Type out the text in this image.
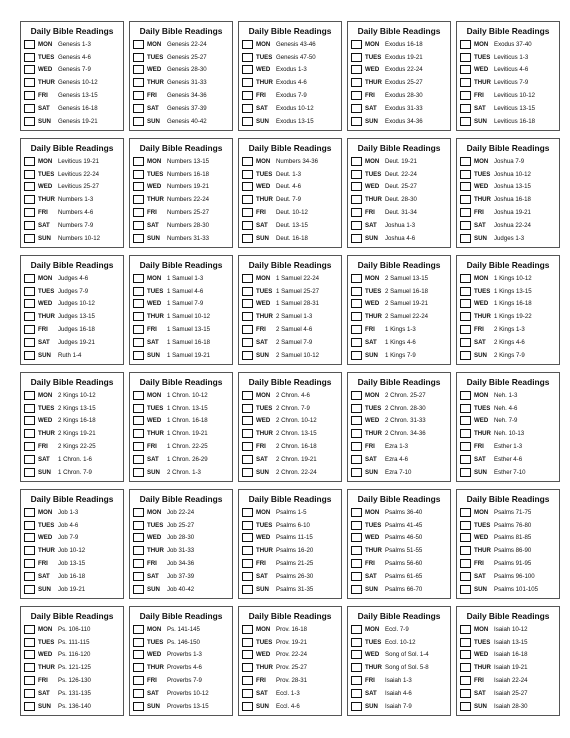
Daily Bible Readings
MON Genesis 1-3
TUES Genesis 4-6
WED Genesis 7-9
THUR Genesis 10-12
FRI	Genesis 13-15
SAT	Genesis 16-18
SUN	Genesis 19-21
Daily Bible Readings
MON Genesis 22-24
TUES Genesis 25-27
WED Genesis 28-30
THUR Genesis 31-33
FRI	Genesis 34-36
SAT	Genesis 37-39
SUN	Genesis 40-42
Daily Bible Readings
MON Genesis 43-46
TUES Genesis 47-50
WED Exodus 1-3
THUR Exodus 4-6
FRI	Exodus 7-9
SAT	Exodus 10-12
SUN	Exodus 13-15
Daily Bible Readings
MON Exodus 16-18
TUES Exodus 19-21
WED Exodus 22-24
THUR Exodus 25-27
FRI	Exodus 28-30
SAT	Exodus 31-33
SUN	Exodus 34-36
Daily Bible Readings
MON Exodus 37-40
TUES Leviticus 1-3
WED Leviticus 4-6
THUR Leviticus 7-9
FRI	Leviticus 10-12
SAT	Leviticus 13-15
SUN	Leviticus 16-18
Daily Bible Readings
MON Leviticus 19-21
TUES Leviticus 22-24
WED Leviticus 25-27
THUR Numbers 1-3
FRI	Numbers 4-6
SAT	Numbers 7-9
SUN	Numbers 10-12
Daily Bible Readings
MON Numbers 13-15
TUES Numbers 16-18
WED Numbers 19-21
THUR Numbers 22-24
FRI	Numbers 25-27
SAT	Numbers 28-30
SUN	Numbers 31-33
Daily Bible Readings
MON Numbers 34-36
TUES Deut. 1-3
WED Deut. 4-6
THUR Deut. 7-9
FRI	Deut. 10-12
SAT	Deut. 13-15
SUN	Deut. 16-18
Daily Bible Readings
MON Deut. 19-21
TUES Deut. 22-24
WED Deut. 25-27
THUR Deut. 28-30
FRI	Deut. 31-34
SAT	Joshua 1-3
SUN	Joshua 4-6
Daily Bible Readings
MON Joshua 7-9
TUES Joshua 10-12
WED Joshua 13-15
THUR Joshua 16-18
FRI	Joshua 19-21
SAT	Joshua 22-24
SUN	Judges 1-3
Daily Bible Readings
MON Judges 4-6
TUES Judges 7-9
WED Judges 10-12
THUR Judges 13-15
FRI	Judges 16-18
SAT	Judges 19-21
SUN	Ruth 1-4
Daily Bible Readings
MON 1 Samuel 1-3
TUES 1 Samuel 4-6
WED 1 Samuel 7-9
THUR 1 Samuel 10-12
FRI	1 Samuel 13-15
SAT	1 Samuel 16-18
SUN	1 Samuel 19-21
Daily Bible Readings
MON 1 Samuel 22-24
TUES 1 Samuel 25-27
WED 1 Samuel 28-31
THUR 2 Samuel 1-3
FRI	2 Samuel 4-6
SAT	2 Samuel 7-9
SUN	2 Samuel 10-12
Daily Bible Readings
MON 2 Samuel 13-15
TUES 2 Samuel 16-18
WED 2 Samuel 19-21
THUR 2 Samuel 22-24
FRI	1 Kings 1-3
SAT	1 Kings 4-6
SUN	1 Kings 7-9
Daily Bible Readings
MON 1 Kings 10-12
TUES 1 Kings 13-15
WED 1 Kings 16-18
THUR 1 Kings 19-22
FRI	2 Kings 1-3
SAT	2 Kings 4-6
SUN	2 Kings 7-9
Daily Bible Readings
MON 2 Kings 10-12
TUES 2 Kings 13-15
WED 2 Kings 16-18
THUR 2 Kings 19-21
FRI	2 Kings 22-25
SAT	1 Chron. 1-6
SUN	1 Chron. 7-9
Daily Bible Readings
MON 1 Chron. 10-12
TUES 1 Chron. 13-15
WED 1 Chron. 16-18
THUR 1 Chron. 19-21
FRI	1 Chron. 22-25
SAT	1 Chron. 26-29
SUN	2 Chron. 1-3
Daily Bible Readings
MON 2 Chron. 4-6
TUES 2 Chron. 7-9
WED 2 Chron. 10-12
THUR 2 Chron. 13-15
FRI	2 Chron. 16-18
SAT	2 Chron. 19-21
SUN	2 Chron. 22-24
Daily Bible Readings
MON 2 Chron. 25-27
TUES 2 Chron. 28-30
WED 2 Chron. 31-33
THUR 2 Chron. 34-36
FRI	Ezra 1-3
SAT	Ezra 4-6
SUN	Ezra 7-10
Daily Bible Readings
MON Neh. 1-3
TUES Neh. 4-6
WED Neh. 7-9
THUR Neh. 10-13
FRI	Esther 1-3
SAT	Esther 4-6
SUN	Esther 7-10
Daily Bible Readings
MON Job 1-3
TUES Job 4-6
WED Job 7-9
THUR Job 10-12
FRI	Job 13-15
SAT	Job 16-18
SUN	Job 19-21
Daily Bible Readings
MON Job 22-24
TUES Job 25-27
WED Job 28-30
THUR Job 31-33
FRI	Job 34-36
SAT	Job 37-39
SUN	Job 40-42
Daily Bible Readings
MON Psalms 1-5
TUES Psalms 6-10
WED Psalms 11-15
THUR Psalms 16-20
FRI	Psalms 21-25
SAT	Psalms 26-30
SUN	Psalms 31-35
Daily Bible Readings
MON Psalms 36-40
TUES Psalms 41-45
WED Psalms 46-50
THUR Psalms 51-55
FRI	Psalms 56-60
SAT	Psalms 61-65
SUN	Psalms 66-70
Daily Bible Readings
MON Psalms 71-75
TUES Psalms 76-80
WED Psalms 81-85
THUR Psalms 86-90
FRI	Psalms 91-95
SAT	Psalms 96-100
SUN	Psalms 101-105
Daily Bible Readings
MON Ps. 106-110
TUES Ps. 111-115
WED Ps. 116-120
THUR Ps. 121-125
FRI	Ps. 126-130
SAT	Ps. 131-135
SUN	Ps. 136-140
Daily Bible Readings
MON Ps. 141-145
TUES Ps. 146-150
WED Proverbs 1-3
THUR Proverbs 4-6
FRI	Proverbs 7-9
SAT	Proverbs 10-12
SUN	Proverbs 13-15
Daily Bible Readings
MON Prov. 16-18
TUES Prov. 19-21
WED Prov. 22-24
THUR Prov. 25-27
FRI	Prov. 28-31
SAT	Eccl. 1-3
SUN	Eccl. 4-6
Daily Bible Readings
MON Eccl. 7-9
TUES Eccl. 10-12
WED Song of Sol. 1-4
THUR Song of Sol. 5-8
FRI	Isaiah 1-3
SAT	Isaiah 4-6
SUN	Isaiah 7-9
Daily Bible Readings
MON Isaiah 10-12
TUES Isaiah 13-15
WED Isaiah 16-18
THUR Isaiah 19-21
FRI	Isaiah 22-24
SAT	Isaiah 25-27
SUN	Isaiah 28-30
